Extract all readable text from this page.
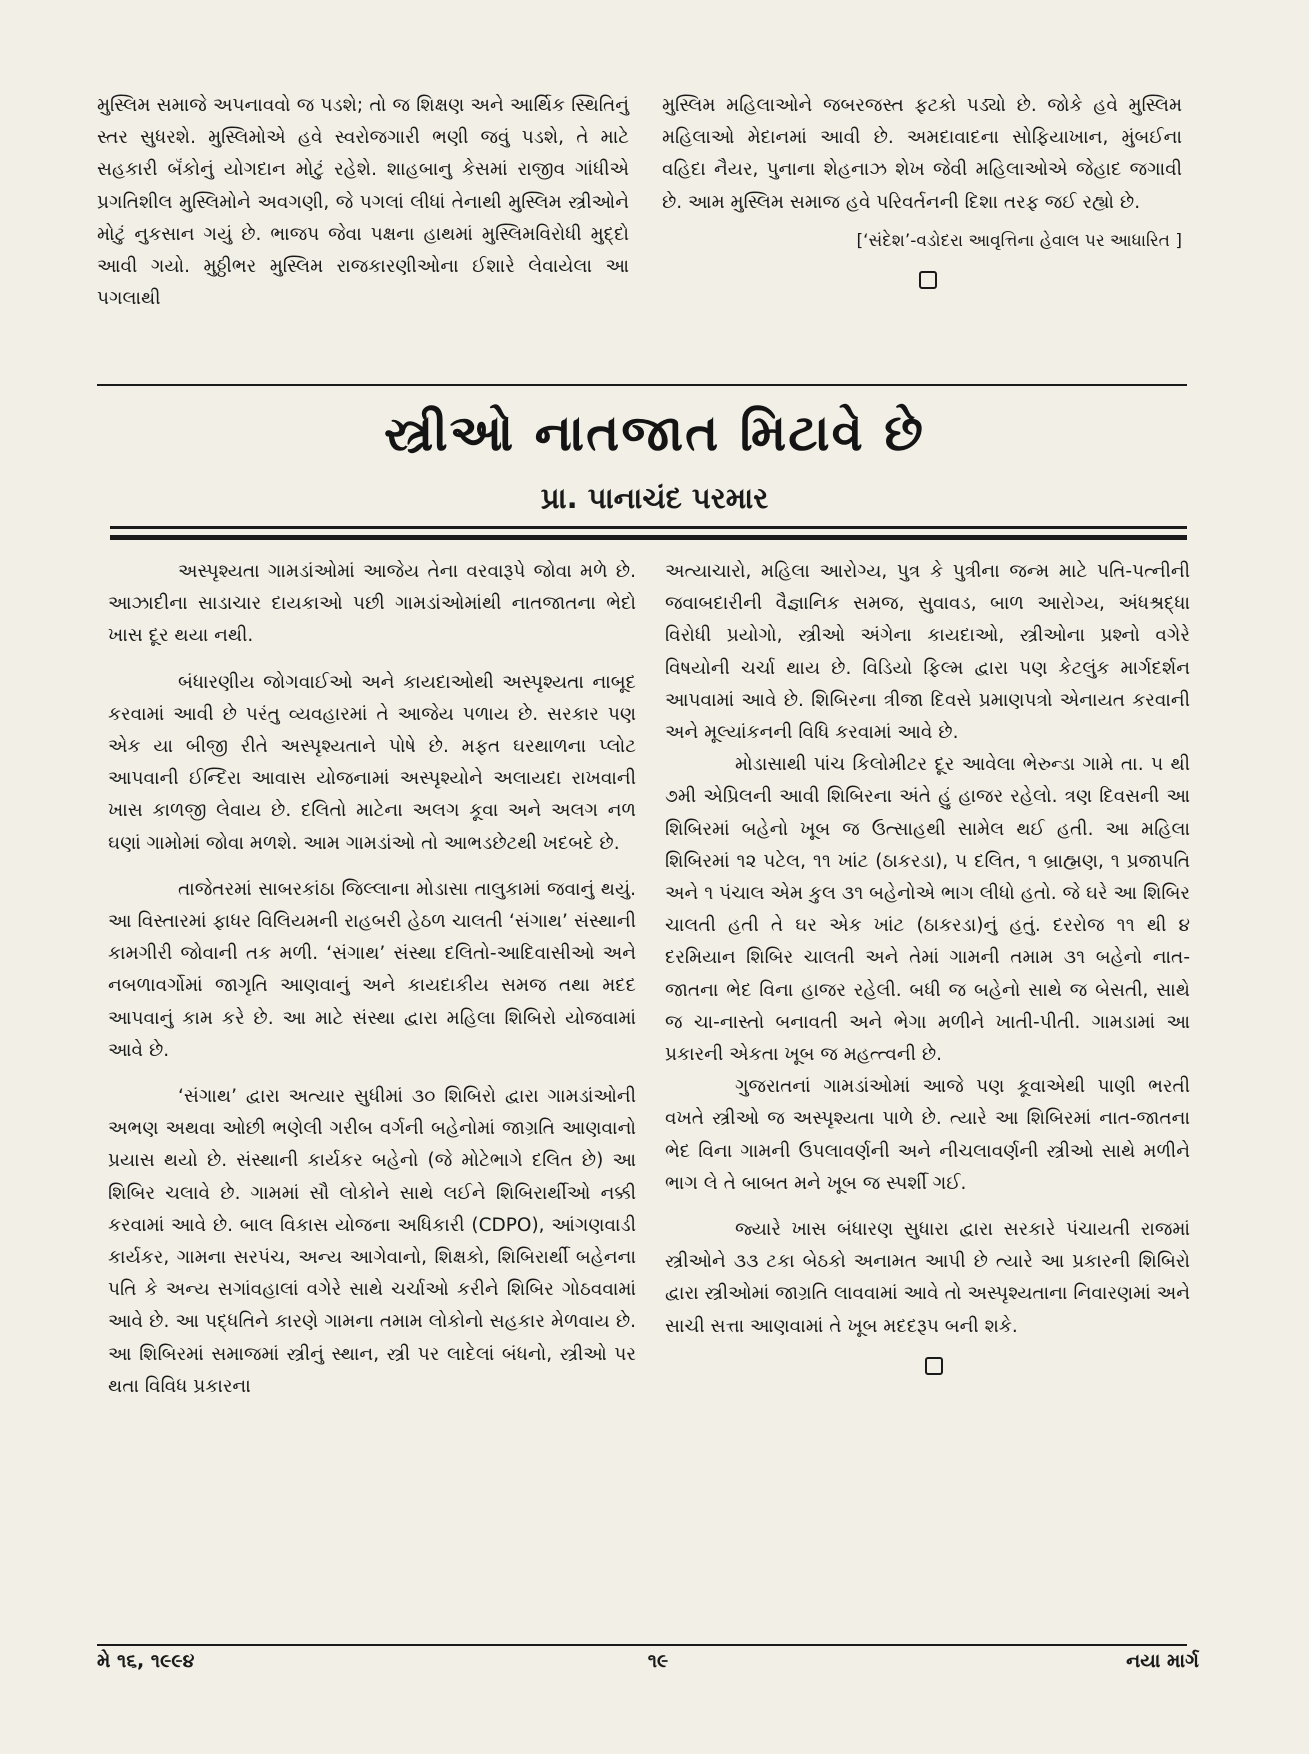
મુસ્લિમ સમાજે અપનાવવો જ પડશે; તો જ શિક્ષણ અને આર્થિક સ્થિતિનું સ્તર સુધરશે. મુસ્લિમોએ હવે સ્વરોજગારી ભણી જવું પડશે, તે માટે સહકારી બૅંકોનું યોગદાન મોટું રહેશે. શાહબાનુ કેસમાં રાજીવ ગાંધીએ પ્રગતિશીલ મુસ્લિમોને અવગણી, જે પગલાં લીધાં તેનાથી મુસ્લિમ સ્ત્રીઓને મોટું નુકસાન ગયું છે. ભાજપ જેવા પક્ષના હાથમાં મુસ્લિમવિરોધી મુદ્દો આવી ગયો. મુઠ્ઠીભર મુસ્લિમ રાજકારણીઓના ઈશારે લેવાયેલા આ પગલાથી

મુસ્લિમ મહિલાઓને જબરજસ્ત ફટકો પડ્યો છે. જોકે હવે મુસ્લિમ મહિલાઓ મેદાનમાં આવી છે. અમદાવાદના સોફિયાખાન, મુંબઈના વહિદા નૈયર, પુનાના શેહનાઝ શેખ જેવી મહિલાઓએ જેહાદ જગાવી છે. આમ મુસ્લિમ સમાજ હવે પરિવર્તનની દિશા તરફ જઈ રહ્યો છે.

[‘સંદેશ’-વડોદરા આવૃત્તિના હેવાલ પર આધારિત ]

સ્ત્રીઓ નાતજાત મિટાવે છે
પ્રા. પાનાચંદ પરમાર

અસ્પૃશ્યતા ગામડાંઓમાં આજેય તેના વરવારૂપે જોવા મળે છે. આઝાદીના સાડાચાર દાયકાઓ પછી ગામડાંઓમાંથી નાતજાતના ભેદો ખાસ દૂર થયા નથી.

બંધારણીય જોગવાઈઓ અને કાયદાઓથી અસ્પૃશ્યતા નાબૂદ કરવામાં આવી છે પરંતુ વ્યવહારમાં તે આજેય પળાય છે. સરકાર પણ એક યા બીજી રીતે અસ્પૃશ્યતાને પોષે છે. મફત ઘરથાળના પ્લોટ આપવાની ઈન્દિરા આવાસ યોજનામાં અસ્પૃશ્યોને અલાયદા રાખવાની ખાસ કાળજી લેવાય છે. દલિતો માટેના અલગ કૂવા અને અલગ નળ ઘણાં ગામોમાં જોવા મળશે. આમ ગામડાંઓ તો આભડછેટથી ખદબદે છે.

તાજેતરમાં સાબરકાંઠા જિલ્લાના મોડાસા તાલુકામાં જવાનું થયું. આ વિસ્તારમાં ફાધર વિલિયમની રાહબરી હેઠળ ચાલતી ‘સંગાથ’ સંસ્થાની કામગીરી જોવાની તક મળી. ‘સંગાથ’ સંસ્થા દલિતો-આદિવાસીઓ અને નબળાવર્ગોમાં જાગૃતિ આણવાનું અને કાયદાકીય સમજ તથા મદદ આપવાનું કામ કરે છે. આ માટે સંસ્થા દ્વારા મહિલા શિબિરો યોજવામાં આવે છે.

‘સંગાથ’ દ્વારા અત્યાર સુધીમાં ૩૦ શિબિરો દ્વારા ગામડાંઓની અભણ અથવા ઓછી ભણેલી ગરીબ વર્ગની બહેનોમાં જાગ્રતિ આણવાનો પ્રયાસ થયો છે. સંસ્થાની કાર્યકર બહેનો (જે મોટેભાગે દલિત છે) આ શિબિર ચલાવે છે. ગામમાં સૌ લોકોને સાથે લઈને શિબિરાર્થીઓ નક્કી કરવામાં આવે છે. બાલ વિકાસ યોજના અધિકારી (CDPO), આંગણવાડી કાર્યકર, ગામના સરપંચ, અન્ય આગેવાનો, શિક્ષકો, શિબિરાર્થી બહેનના પતિ કે અન્ય સગાંવહાલાં વગેરે સાથે ચર્ચાઓ કરીને શિબિર ગોઠવવામાં આવે છે. આ પદ્ધતિને કારણે ગામના તમામ લોકોનો સહકાર મેળવાય છે. આ શિબિરમાં સમાજમાં સ્ત્રીનું સ્થાન, સ્ત્રી પર લાદેલાં બંધનો, સ્ત્રીઓ પર થતા વિવિધ પ્રકારના

અત્યાચારો, મહિલા આરોગ્ય, પુત્ર કે પુત્રીના જન્મ માટે પતિ-પત્નીની જવાબદારીની વૈજ્ઞાનિક સમજ, સુવાવડ, બાળ આરોગ્ય, અંધશ્રદ્ધા વિરોધી પ્રયોગો, સ્ત્રીઓ અંગેના કાયદાઓ, સ્ત્રીઓના પ્રશ્નો વગેરે વિષયોની ચર્ચા થાય છે. વિડિયો ફિલ્મ દ્વારા પણ કેટલુંક માર્ગદર્શન આપવામાં આવે છે. શિબિરના ત્રીજા દિવસે પ્રમાણપત્રો એનાયત કરવાની અને મૂલ્યાંકનની વિધિ કરવામાં આવે છે.

મોડાસાથી પાંચ કિલોમીટર દૂર આવેલા ભેરુન્ડા ગામે તા. ૫ થી ૭મી એપ્રિલની આવી શિબિરના અંતે હું હાજર રહેલો. ત્રણ દિવસની આ શિબિરમાં બહેનો ખૂબ જ ઉત્સાહથી સામેલ થઈ હતી. આ મહિલા શિબિરમાં ૧૨ પટેલ, ૧૧ ખાંટ (ઠાકરડા), ૫ દલિત, ૧ બ્રાહ્મણ, ૧ પ્રજાપતિ અને ૧ પંચાલ એમ કુલ ૩૧ બહેનોએ ભાગ લીધો હતો. જે ઘરે આ શિબિર ચાલતી હતી તે ઘર એક ખાંટ (ઠાકરડા)નું હતું. દરરોજ ૧૧ થી ૪ દરમિયાન શિબિર ચાલતી અને તેમાં ગામની તમામ ૩૧ બહેનો નાત-જાતના ભેદ વિના હાજર રહેલી. બધી જ બહેનો સાથે જ બેસતી, સાથે જ ચા-નાસ્તો બનાવતી અને ભેગા મળીને ખાતી-પીતી. ગામડામાં આ પ્રકારની એકતા ખૂબ જ મહત્ત્વની છે.

ગુજરાતનાં ગામડાંઓમાં આજે પણ કૂવાએથી પાણી ભરતી વખતે સ્ત્રીઓ જ અસ્પૃશ્યતા પાળે છે. ત્યારે આ શિબિરમાં નાત-જાતના ભેદ વિના ગામની ઉપલાવર્ણની અને નીચલાવર્ણની સ્ત્રીઓ સાથે મળીને ભાગ લે તે બાબત મને ખૂબ જ સ્પર્શી ગઈ.

જ્યારે ખાસ બંધારણ સુધારા દ્વારા સરકારે પંચાયતી રાજમાં સ્ત્રીઓને ૩૩ ટકા બેઠકો અનામત આપી છે ત્યારે આ પ્રકારની શિબિરો દ્વારા સ્ત્રીઓમાં જાગ્રતિ લાવવામાં આવે તો અસ્પૃશ્યતાના નિવારણમાં અને સાચી સત્તા આણવામાં તે ખૂબ મદદરૂપ બની શકે.

મે ૧૬, ૧૯૯૪	૧૯	નયા માર્ગ
